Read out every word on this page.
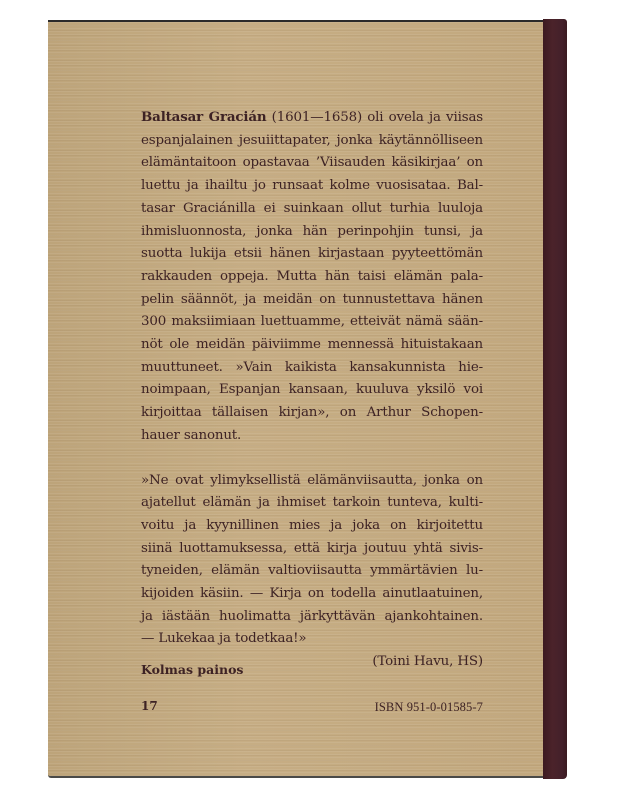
Baltasar Gracián (1601—1658) oli ovela ja viisas
espanjalainen jesuiittapater, jonka käytännölliseen
elämäntaitoon opastavaa ’Viisauden käsikirjaa’ on
luettu ja ihailtu jo runsaat kolme vuosisataa. Bal-
tasar Graciánilla ei suinkaan ollut turhia luuloja
ihmisluonnosta, jonka hän perinpohjin tunsi, ja
suotta lukija etsii hänen kirjastaan pyyteettömän
rakkauden oppeja. Mutta hän taisi elämän pala-
pelin säännöt, ja meidän on tunnustettava hänen
300 maksiimiaan luettuamme, etteivät nämä sään-
nöt ole meidän päiviimme mennessä hituistakaan
muuttuneet. »Vain kaikista kansakunnista hie-
noimpaan, Espanjan kansaan, kuuluva yksilö voi
kirjoittaa tällaisen kirjan», on Arthur Schopen-
hauer sanonut.

»Ne ovat ylimyksellistä elämänviisautta, jonka on
ajatellut elämän ja ihmiset tarkoin tunteva, kulti-
voitu ja kyynillinen mies ja joka on kirjoitettu
siinä luottamuksessa, että kirja joutuu yhtä sivis-
tyneiden, elämän valtioviisautta ymmärtävien lu-
kijoiden käsiin. — Kirja on todella ainutlaatuinen,
ja iästään huolimatta järkyttävän ajankohtainen.
— Lukekaa ja todetkaa!»

(Toini Havu, HS)

Kolmas painos
17	ISBN 951-0-01585-7
